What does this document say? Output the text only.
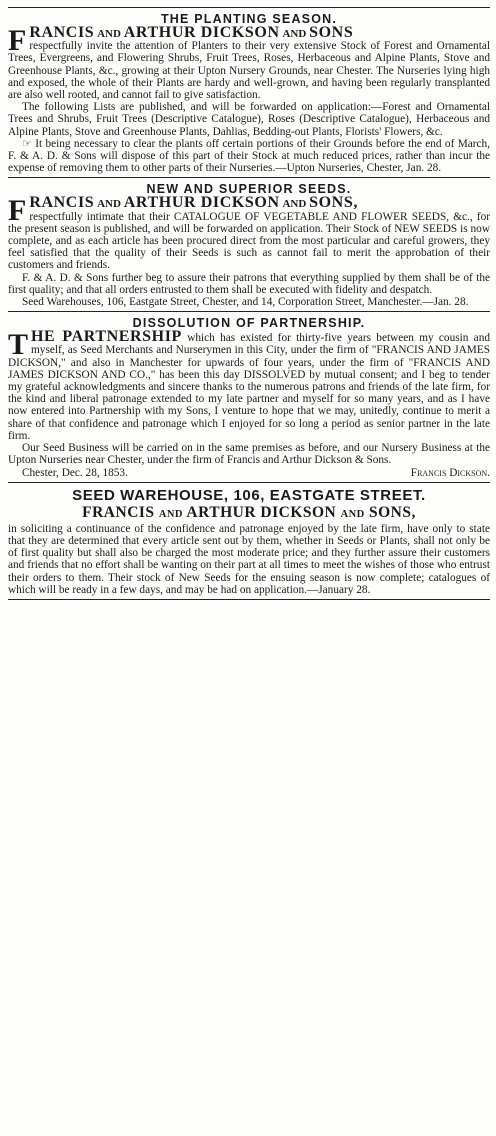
THE PLANTING SEASON.

FRANCIS AND ARTHUR DICKSON AND SONS
respectfully invite the attention of Planters to their very extensive Stock of Forest and Ornamental Trees, Evergreens, and Flowering Shrubs, Fruit Trees, Roses, Herbaceous and Alpine Plants, Stove and Greenhouse Plants, &c., growing at their Upton Nursery Grounds, near Chester. The Nurseries lying high and exposed, the whole of their Plants are hardy and well-grown, and having been regularly transplanted are also well rooted, and cannot fail to give satisfaction.

The following Lists are published, and will be forwarded on application:—Forest and Ornamental Trees and Shrubs, Fruit Trees (Descriptive Catalogue), Roses (Descriptive Catalogue), Herbaceous and Alpine Plants, Stove and Greenhouse Plants, Dahlias, Bedding-out Plants, Florists' Flowers, &c.

☞ It being necessary to clear the plants off certain portions of their Grounds before the end of March, F. & A. D. & Sons will dispose of this part of their Stock at much reduced prices, rather than incur the expense of removing them to other parts of their Nurseries.—Upton Nurseries, Chester, Jan. 28.

NEW AND SUPERIOR SEEDS.

FRANCIS AND ARTHUR DICKSON AND SONS,
respectfully intimate that their CATALOGUE OF VEGETABLE AND FLOWER SEEDS, &c., for the present season is published, and will be forwarded on application. Their Stock of NEW SEEDS is now complete, and as each article has been procured direct from the most particular and careful growers, they feel satisfied that the quality of their Seeds is such as cannot fail to merit the approbation of their customers and friends.

F. & A. D. & Sons further beg to assure their patrons that everything supplied by them shall be of the first quality; and that all orders entrusted to them shall be executed with fidelity and despatch.

Seed Warehouses, 106, Eastgate Street, Chester, and 14, Corporation Street, Manchester.—Jan. 28.

DISSOLUTION OF PARTNERSHIP.

THE PARTNERSHIP which has existed for thirty-five years between my cousin and myself, as Seed Merchants and Nurserymen in this City, under the firm of "FRANCIS AND JAMES DICKSON," and also in Manchester for upwards of four years, under the firm of "FRANCIS AND JAMES DICKSON AND CO.," has been this day DISSOLVED by mutual consent; and I beg to tender my grateful acknowledgments and sincere thanks to the numerous patrons and friends of the late firm, for the kind and liberal patronage extended to my late partner and myself for so many years, and as I have now entered into Partnership with my Sons, I venture to hope that we may, unitedly, continue to merit a share of that confidence and patronage which I enjoyed for so long a period as senior partner in the late firm.

Our Seed Business will be carried on in the same premises as before, and our Nursery Business at the Upton Nurseries near Chester, under the firm of Francis and Arthur Dickson & Sons.

Chester, Dec. 28, 1853.	Francis Dickson.

SEED WAREHOUSE, 106, EASTGATE STREET.
FRANCIS AND ARTHUR DICKSON AND SONS,

in soliciting a continuance of the confidence and patronage enjoyed by the late firm, have only to state that they are determined that every article sent out by them, whether in Seeds or Plants, shall not only be of first quality but shall also be charged the most moderate price; and they further assure their customers and friends that no effort shall be wanting on their part at all times to meet the wishes of those who entrust their orders to them. Their stock of New Seeds for the ensuing season is now complete; catalogues of which will be ready in a few days, and may be had on application.—January 28.
